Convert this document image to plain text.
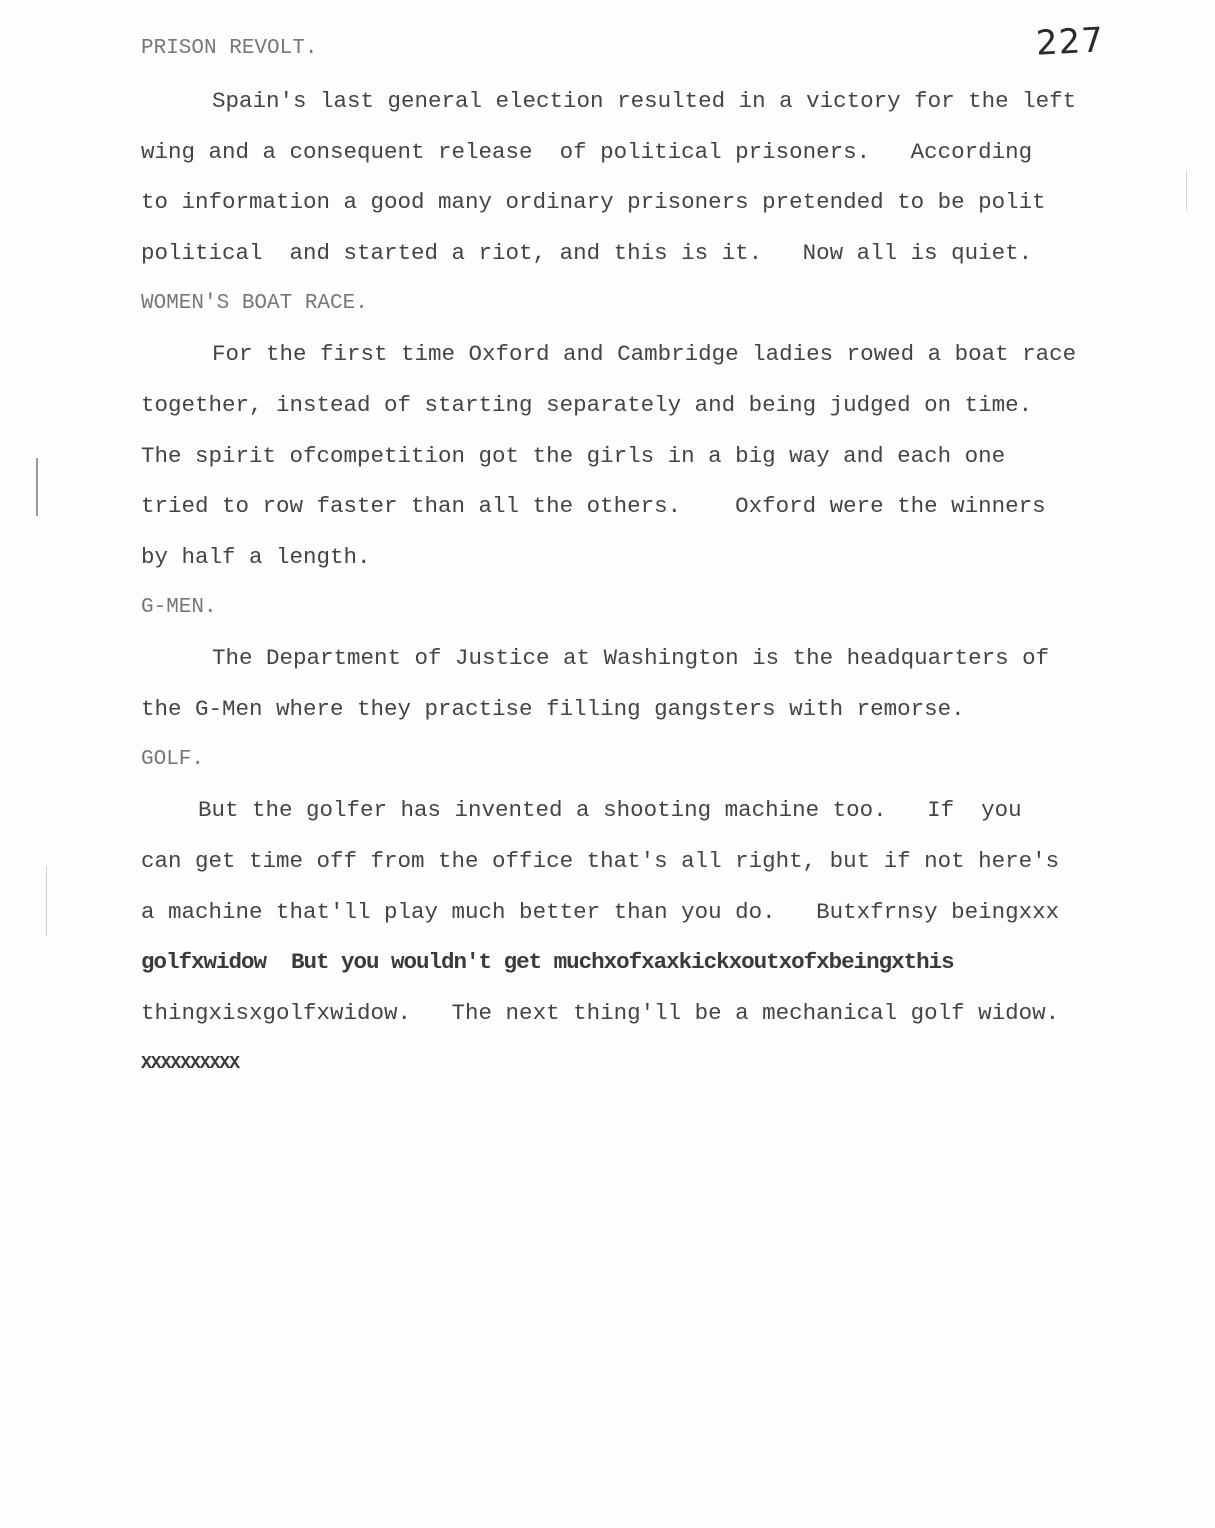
227
PRISON REVOLT.
Spain's last general election resulted in a victory for the left
wing and a consequent release  of political prisoners.   According
to information a good many ordinary prisoners pretended to be polit
political  and started a riot, and this is it.   Now all is quiet.
WOMEN'S BOAT RACE.
For the first time Oxford and Cambridge ladies rowed a boat race
together, instead of starting separately and being judged on time.
The spirit ofcompetition got the girls in a big way and each one
tried to row faster than all the others.    Oxford were the winners
by half a length.
G-MEN.
The Department of Justice at Washington is the headquarters of
the G-Men where they practise filling gangsters with remorse.
GOLF.
But the golfer has invented a shooting machine too.   If  you
can get time off from the office that's all right, but if not here's
a machine that'll play much better than you do.   Butxfrnsy beingxxx
golfxwidow  But you wouldn't get muchxofxaxkickxoutxofxbeingxthis
thingxisxgolfxwidow.   The next thing'll be a mechanical golf widow.
XXXXXXXXXX
